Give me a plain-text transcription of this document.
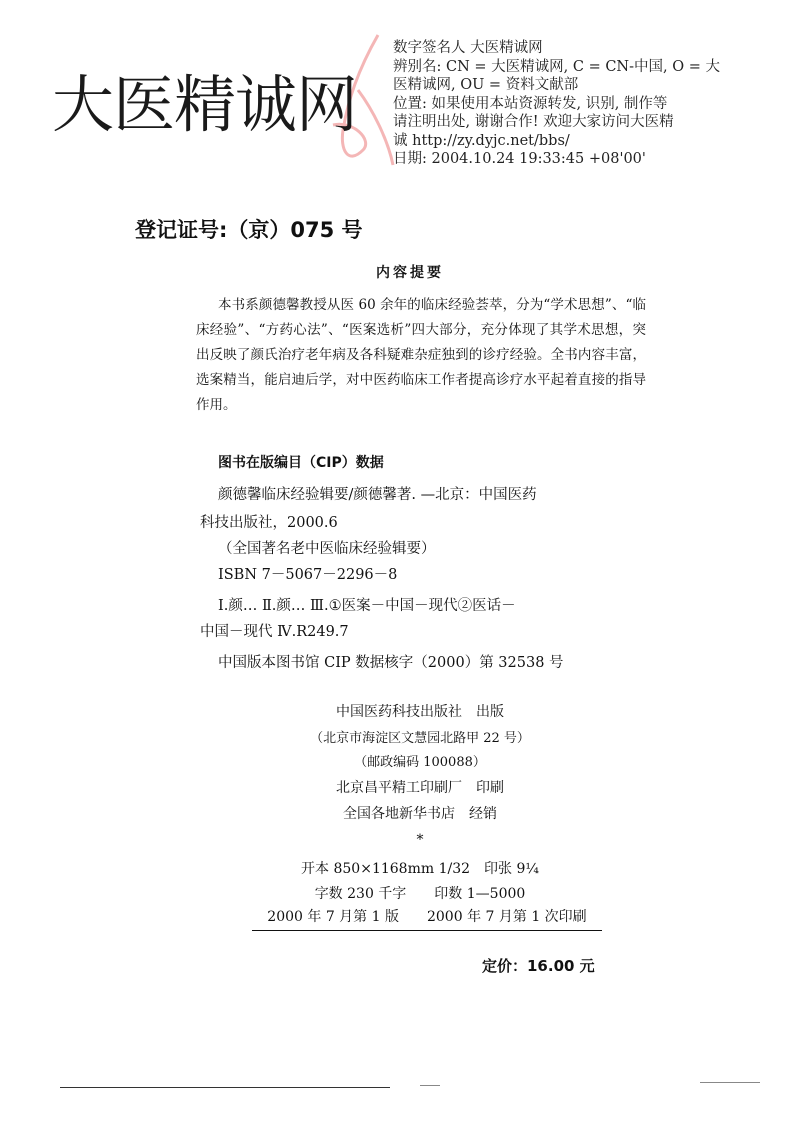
大医精诚网
数字签名人 大医精诚网
辨别名: CN = 大医精诚网, C = CN-中国, O = 大
医精诚网, OU = 资料文献部
位置: 如果使用本站资源转发, 识别, 制作等
请注明出处, 谢谢合作! 欢迎大家访问大医精
诚 http://zy.dyjc.net/bbs/
日期: 2004.10.24 19:33:45 +08'00'
登记证号:（京）075 号
内容提要
本书系颜德馨教授从医 60 余年的临床经验荟萃，分为“学术思想”、“临床经验”、“方药心法”、“医案选析”四大部分，充分体现了其学术思想，突出反映了颜氏治疗老年病及各科疑难杂症独到的诊疗经验。全书内容丰富，选案精当，能启迪后学，对中医药临床工作者提高诊疗水平起着直接的指导作用。
图书在版编目（CIP）数据
颜德馨临床经验辑要/颜德馨著. —北京：中国医药
科技出版社，2000.6
（全国著名老中医临床经验辑要）
ISBN 7－5067－2296－8
Ⅰ.颜… Ⅱ.颜… Ⅲ.①医案－中国－现代②医话－
中国－现代 Ⅳ.R249.7
中国版本图书馆 CIP 数据核字（2000）第 32538 号
中国医药科技出版社　出版
（北京市海淀区文慧园北路甲 22 号）
（邮政编码 100088）
北京昌平精工印刷厂　印刷
全国各地新华书店　经销
*
开本 850×1168mm 1/32　印张 9¼
字数 230 千字　　印数 1—5000
2000 年 7 月第 1 版　　2000 年 7 月第 1 次印刷
定价：16.00 元
